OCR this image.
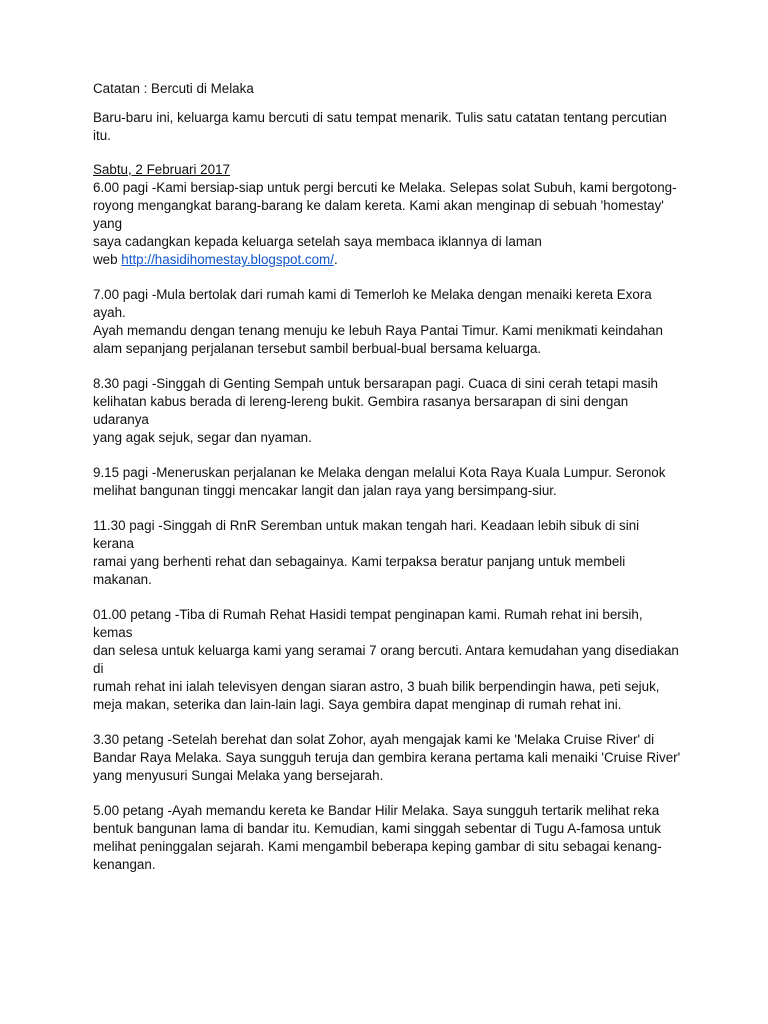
Catatan : Bercuti di Melaka
Baru-baru ini, keluarga kamu bercuti di satu tempat menarik. Tulis satu catatan tentang percutian
itu.
Sabtu, 2 Februari 2017
6.00 pagi -Kami bersiap-siap untuk pergi bercuti ke Melaka. Selepas solat Subuh, kami bergotong-
royong mengangkat barang-barang ke dalam kereta. Kami akan menginap di sebuah 'homestay' yang
saya cadangkan kepada keluarga setelah saya membaca iklannya di laman
web http://hasidihomestay.blogspot.com/.
7.00 pagi -Mula bertolak dari rumah kami di Temerloh ke Melaka dengan menaiki kereta Exora ayah.
Ayah memandu dengan tenang menuju ke lebuh Raya Pantai Timur. Kami menikmati keindahan
alam sepanjang perjalanan tersebut sambil berbual-bual bersama keluarga.
8.30 pagi -Singgah di Genting Sempah untuk bersarapan pagi. Cuaca di sini cerah tetapi masih
kelihatan kabus berada di lereng-lereng bukit. Gembira rasanya bersarapan di sini dengan udaranya
yang agak sejuk, segar dan nyaman.
9.15 pagi -Meneruskan perjalanan ke Melaka dengan melalui Kota Raya Kuala Lumpur. Seronok
melihat bangunan tinggi mencakar langit dan jalan raya yang bersimpang-siur.
11.30 pagi -Singgah di RnR Seremban untuk makan tengah hari. Keadaan lebih sibuk di sini kerana
ramai yang berhenti rehat dan sebagainya. Kami terpaksa beratur panjang untuk membeli makanan.
01.00 petang -Tiba di Rumah Rehat Hasidi tempat penginapan kami. Rumah rehat ini bersih, kemas
dan selesa untuk keluarga kami yang seramai 7 orang bercuti. Antara kemudahan yang disediakan di
rumah rehat ini ialah televisyen dengan siaran astro, 3 buah bilik berpendingin hawa, peti sejuk,
meja makan, seterika dan lain-lain lagi. Saya gembira dapat menginap di rumah rehat ini.
3.30 petang -Setelah berehat dan solat Zohor, ayah mengajak kami ke 'Melaka Cruise River' di
Bandar Raya Melaka. Saya sungguh teruja dan gembira kerana pertama kali menaiki 'Cruise River'
yang menyusuri Sungai Melaka yang bersejarah.
5.00 petang -Ayah memandu kereta ke Bandar Hilir Melaka. Saya sungguh tertarik melihat reka
bentuk bangunan lama di bandar itu. Kemudian, kami singgah sebentar di Tugu A-famosa untuk
melihat peninggalan sejarah. Kami mengambil beberapa keping gambar di situ sebagai kenang-
kenangan.
